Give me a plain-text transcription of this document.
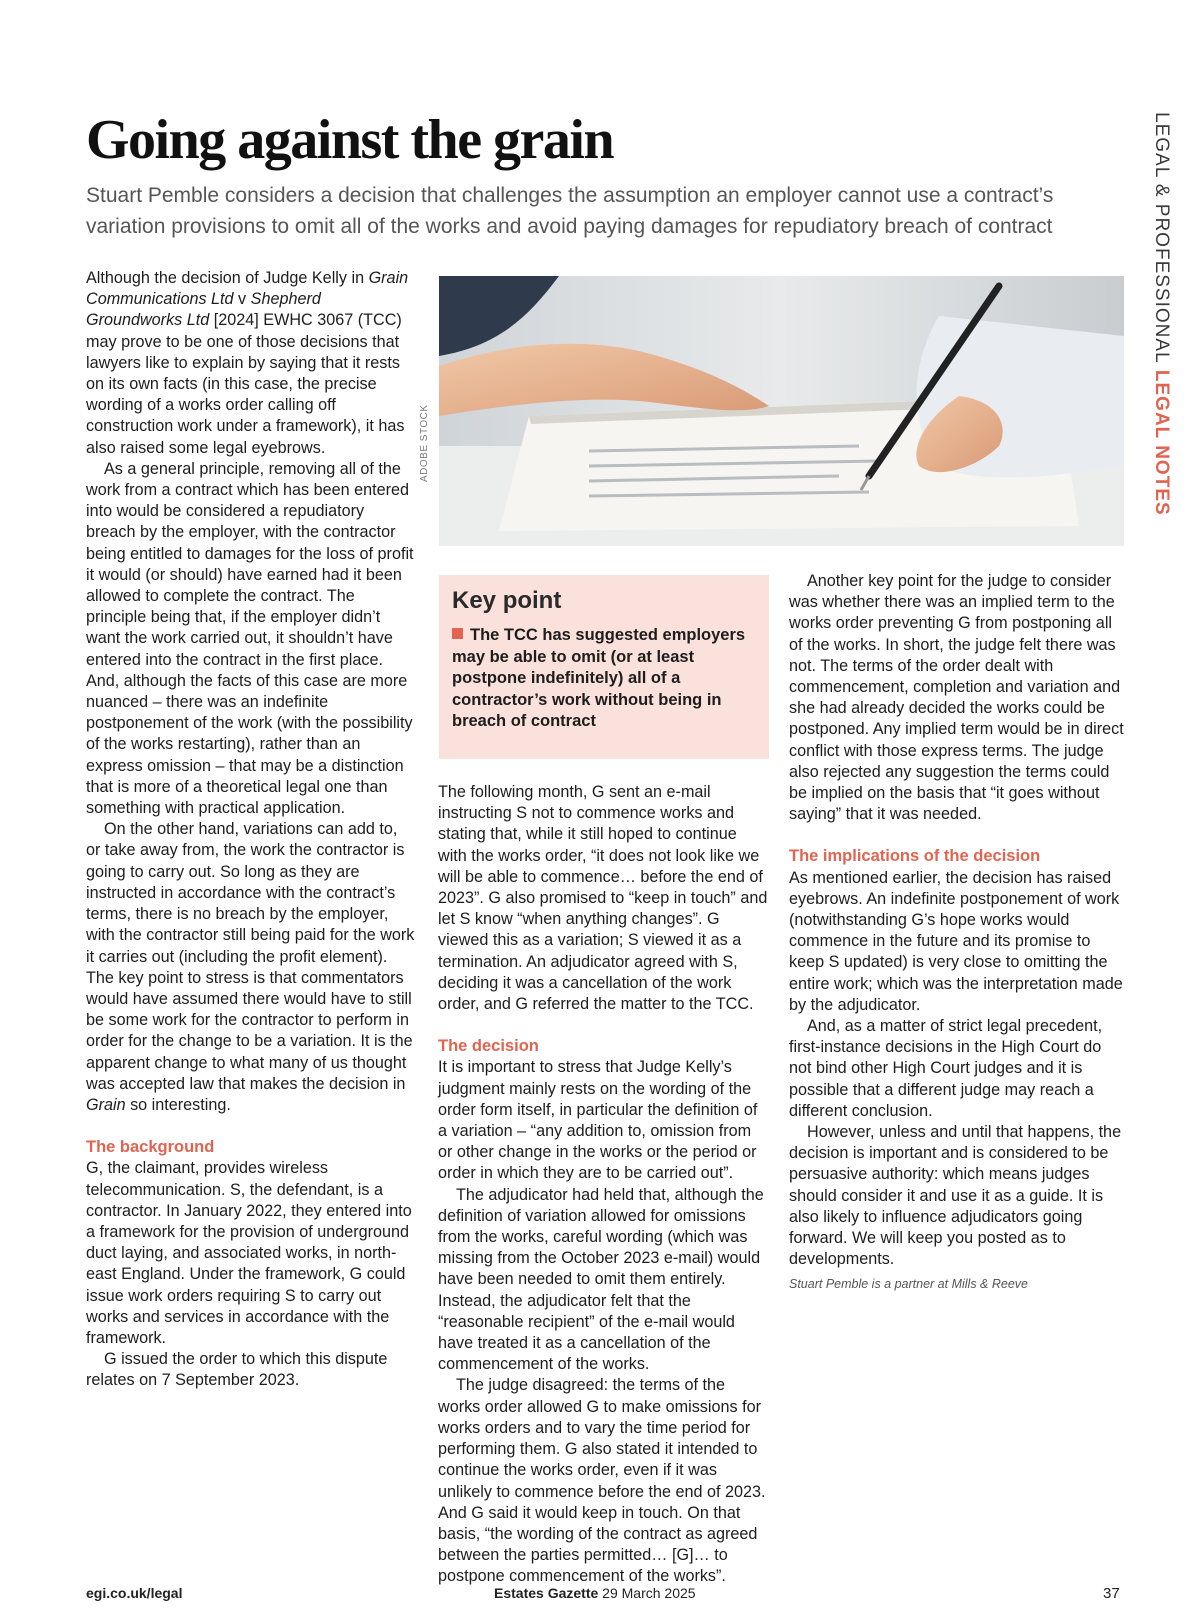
Going against the grain

Stuart Pemble considers a decision that challenges the assumption an employer cannot use a contract’s variation provisions to omit all of the works and avoid paying damages for repudiatory breach of contract	LEGAL & PROFESSIONAL LEGAL NOTES

Although the decision of Judge Kelly in Grain Communications Ltd v Shepherd Groundworks Ltd [2024] EWHC 3067 (TCC) may prove to be one of those decisions that lawyers like to explain by saying that it rests on its own facts (in this case, the precise wording of a works order calling off construction work under a framework), it has also raised some legal eyebrows.

As a general principle, removing all of the work from a contract which has been entered into would be considered a repudiatory breach by the employer, with the contractor being entitled to damages for the loss of profit it would (or should) have earned had it been allowed to complete the contract. The principle being that, if the employer didn’t want the work carried out, it shouldn’t have entered into the contract in the first place. And, although the facts of this case are more nuanced – there was an indefinite postponement of the work (with the possibility of the works restarting), rather than an express omission – that may be a distinction that is more of a theoretical legal one than something with practical application.

On the other hand, variations can add to, or take away from, the work the contractor is going to carry out. So long as they are instructed in accordance with the contract’s terms, there is no breach by the employer, with the contractor still being paid for the work it carries out (including the profit element). The key point to stress is that commentators would have assumed there would have to still be some work for the contractor to perform in order for the change to be a variation. It is the apparent change to what many of us thought was accepted law that makes the decision in Grain so interesting.

The background

G, the claimant, provides wireless telecommunication. S, the defendant, is a contractor. In January 2022, they entered into a framework for the provision of underground duct laying, and associated works, in north-east England. Under the framework, G could issue work orders requiring S to carry out works and services in accordance with the framework.

G issued the order to which this dispute relates on 7 September 2023.

ADOBE STOCK
Key point

The TCC has suggested employers may be able to omit (or at least postpone indefinitely) all of a contractor’s work without being in breach of contract

The following month, G sent an e-mail instructing S not to commence works and stating that, while it still hoped to continue with the works order, “it does not look like we will be able to commence… before the end of 2023”. G also promised to “keep in touch” and let S know “when anything changes”. G viewed this as a variation; S viewed it as a termination. An adjudicator agreed with S, deciding it was a cancellation of the work order, and G referred the matter to the TCC.

The decision

It is important to stress that Judge Kelly’s judgment mainly rests on the wording of the order form itself, in particular the definition of a variation – “any addition to, omission from or other change in the works or the period or order in which they are to be carried out”.

The adjudicator had held that, although the definition of variation allowed for omissions from the works, careful wording (which was missing from the October 2023 e-mail) would have been needed to omit them entirely. Instead, the adjudicator felt that the “reasonable recipient” of the e-mail would have treated it as a cancellation of the commencement of the works.

The judge disagreed: the terms of the works order allowed G to make omissions for works orders and to vary the time period for performing them. G also stated it intended to continue the works order, even if it was unlikely to commence before the end of 2023. And G said it would keep in touch. On that basis, “the wording of the contract as agreed between the parties permitted… [G]… to postpone commencement of the works”.

Another key point for the judge to consider was whether there was an implied term to the works order preventing G from postponing all of the works. In short, the judge felt there was not. The terms of the order dealt with commencement, completion and variation and she had already decided the works could be postponed. Any implied term would be in direct conflict with those express terms. The judge also rejected any suggestion the terms could be implied on the basis that “it goes without saying” that it was needed.

The implications of the decision

As mentioned earlier, the decision has raised eyebrows. An indefinite postponement of work (notwithstanding G’s hope works would commence in the future and its promise to keep S updated) is very close to omitting the entire work; which was the interpretation made by the adjudicator.

And, as a matter of strict legal precedent, first-instance decisions in the High Court do not bind other High Court judges and it is possible that a different judge may reach a different conclusion.

However, unless and until that happens, the decision is important and is considered to be persuasive authority: which means judges should consider it and use it as a guide. It is also likely to influence adjudicators going forward. We will keep you posted as to developments.

Stuart Pemble is a partner at Mills & Reeve

egi.co.uk/legal	Estates Gazette 29 March 2025	37
